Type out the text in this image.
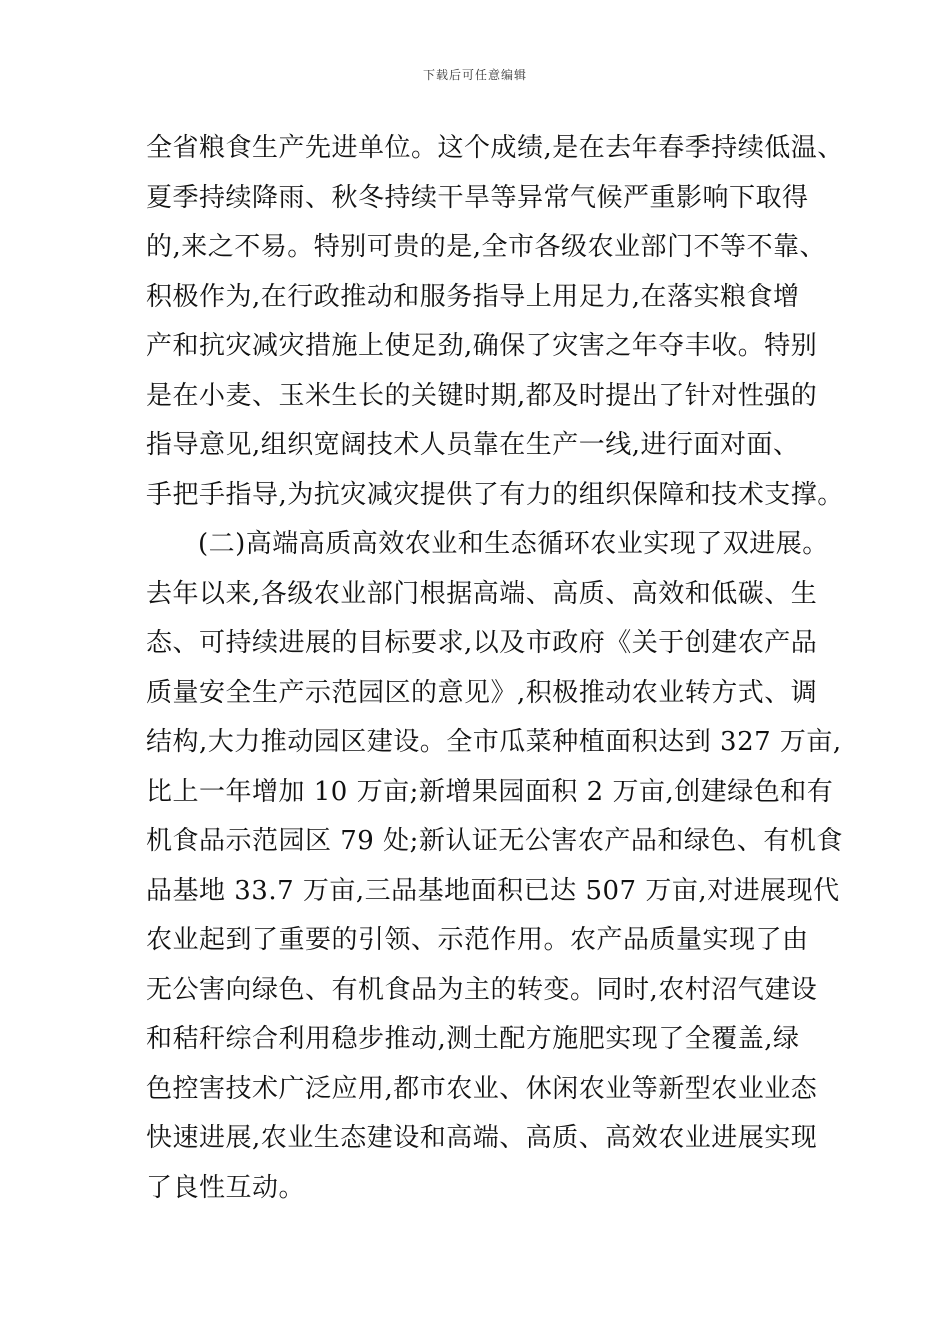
下载后可任意编辑
全省粮食生产先进单位。这个成绩,是在去年春季持续低温、
夏季持续降雨、秋冬持续干旱等异常气候严重影响下取得
的,来之不易。特别可贵的是,全市各级农业部门不等不靠、
积极作为,在行政推动和服务指导上用足力,在落实粮食增
产和抗灾减灾措施上使足劲,确保了灾害之年夺丰收。特别
是在小麦、玉米生长的关键时期,都及时提出了针对性强的
指导意见,组织宽阔技术人员靠在生产一线,进行面对面、
手把手指导,为抗灾减灾提供了有力的组织保障和技术支撑。
(二)高端高质高效农业和生态循环农业实现了双进展。
去年以来,各级农业部门根据高端、高质、高效和低碳、生
态、可持续进展的目标要求,以及市政府《关于创建农产品
质量安全生产示范园区的意见》,积极推动农业转方式、调
结构,大力推动园区建设。全市瓜菜种植面积达到 327 万亩,
比上一年增加 10 万亩;新增果园面积 2 万亩,创建绿色和有
机食品示范园区 79 处;新认证无公害农产品和绿色、有机食
品基地 33.7 万亩,三品基地面积已达 507 万亩,对进展现代
农业起到了重要的引领、示范作用。农产品质量实现了由
无公害向绿色、有机食品为主的转变。同时,农村沼气建设
和秸秆综合利用稳步推动,测土配方施肥实现了全覆盖,绿
色控害技术广泛应用,都市农业、休闲农业等新型农业业态
快速进展,农业生态建设和高端、高质、高效农业进展实现
了良性互动。
